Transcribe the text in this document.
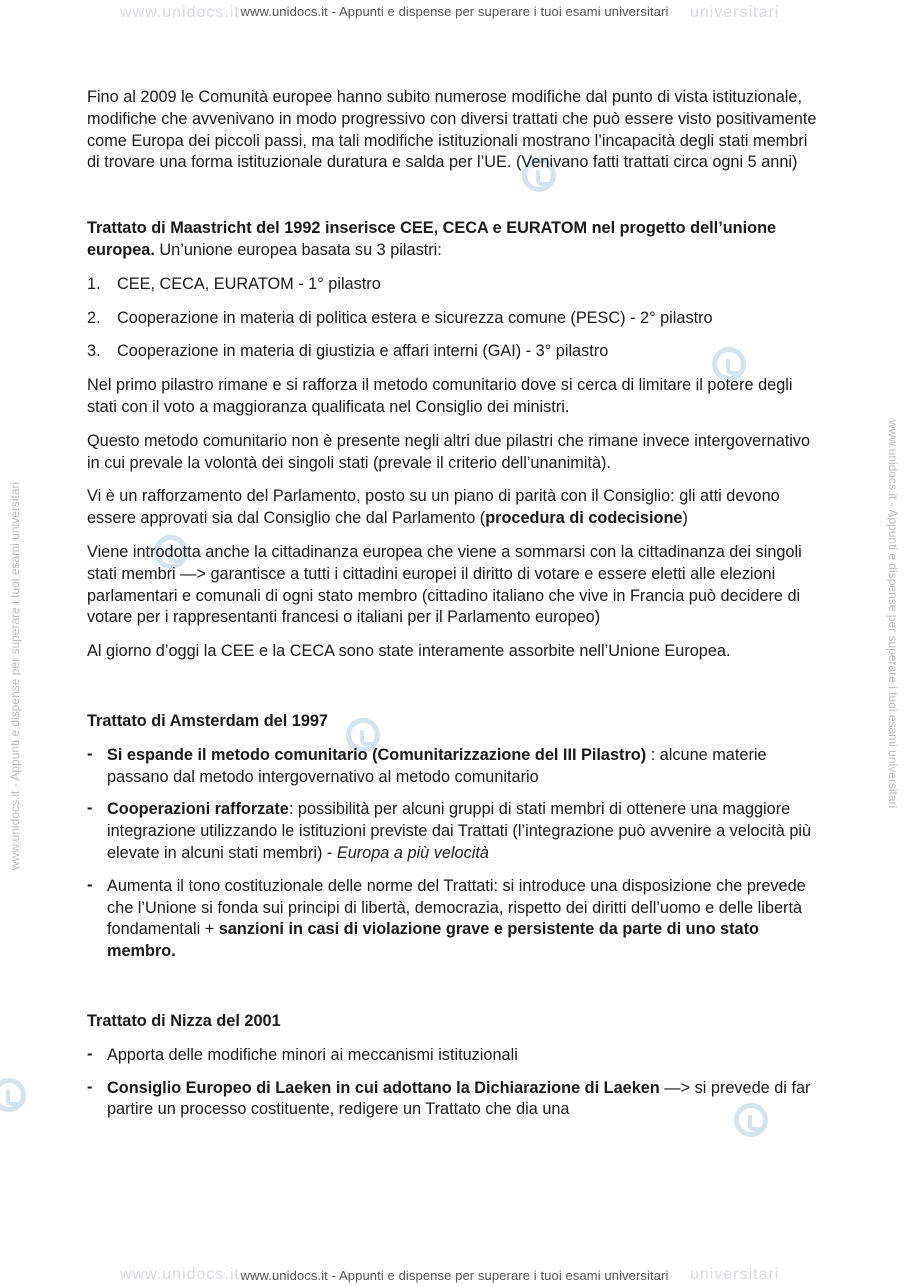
www.unidocs.it	universitari
www.unidocs.it	universitari
www.unidocs.it - Appunti e dispense per superare i tuoi esami universitari	www.unidocs.it - Appunti e dispense per superare i tuoi esami universitari
www.unidocs.it - Appunti e dispense per superare i tuoi esami universitari

Fino al 2009 le Comunità europee hanno subito numerose modifiche dal punto di vista istituzionale, modifiche che avvenivano in modo progressivo con diversi trattati che può essere visto positivamente come Europa dei piccoli passi, ma tali modifiche istituzionali mostrano l’incapacità degli stati membri di trovare una forma istituzionale duratura e salda per l’UE. (Venivano fatti trattati circa ogni 5 anni)

Trattato di Maastricht del 1992 inserisce CEE, CECA e EURATOM nel progetto dell’unione europea. Un’unione europea basata su 3 pilastri:

1. CEE, CECA, EURATOM - 1° pilastro
2. Cooperazione in materia di politica estera e sicurezza comune (PESC) - 2° pilastro
3. Cooperazione in materia di giustizia e affari interni (GAI) - 3° pilastro

Nel primo pilastro rimane e si rafforza il metodo comunitario dove si cerca di limitare il potere degli stati con il voto a maggioranza qualificata nel Consiglio dei ministri.

Questo metodo comunitario non è presente negli altri due pilastri che rimane invece intergovernativo in cui prevale la volontà dei singoli stati (prevale il criterio dell’unanimità).

Vi è un rafforzamento del Parlamento, posto su un piano di parità con il Consiglio: gli atti devono essere approvati sia dal Consiglio che dal Parlamento (procedura di codecisione)

Viene introdotta anche la cittadinanza europea che viene a sommarsi con la cittadinanza dei singoli stati membri —> garantisce a tutti i cittadini europei il diritto di votare e essere eletti alle elezioni parlamentari e comunali di ogni stato membro (cittadino italiano che vive in Francia può decidere di votare per i rappresentanti francesi o italiani per il Parlamento europeo)

Al giorno d’oggi la CEE e la CECA sono state interamente assorbite nell’Unione Europea.

Trattato di Amsterdam del 1997

- Si espande il metodo comunitario (Comunitarizzazione del III Pilastro) : alcune materie passano dal metodo intergovernativo al metodo comunitario
- Cooperazioni rafforzate: possibilità per alcuni gruppi di stati membri di ottenere una maggiore integrazione utilizzando le istituzioni previste dai Trattati (l’integrazione può avvenire a velocità più elevate in alcuni stati membri) - Europa a più velocità
- Aumenta il tono costituzionale delle norme del Trattati: si introduce una disposizione che prevede che l’Unione si fonda sui principi di libertà, democrazia, rispetto dei diritti dell’uomo e delle libertà fondamentali + sanzioni in casi di violazione grave e persistente da parte di uno stato membro.

Trattato di Nizza del 2001

- Apporta delle modifiche minori ai meccanismi istituzionali
- Consiglio Europeo di Laeken in cui adottano la Dichiarazione di Laeken —> si prevede di far partire un processo costituente, redigere un Trattato che dia una
www.unidocs.it - Appunti e dispense per superare i tuoi esami universitari
